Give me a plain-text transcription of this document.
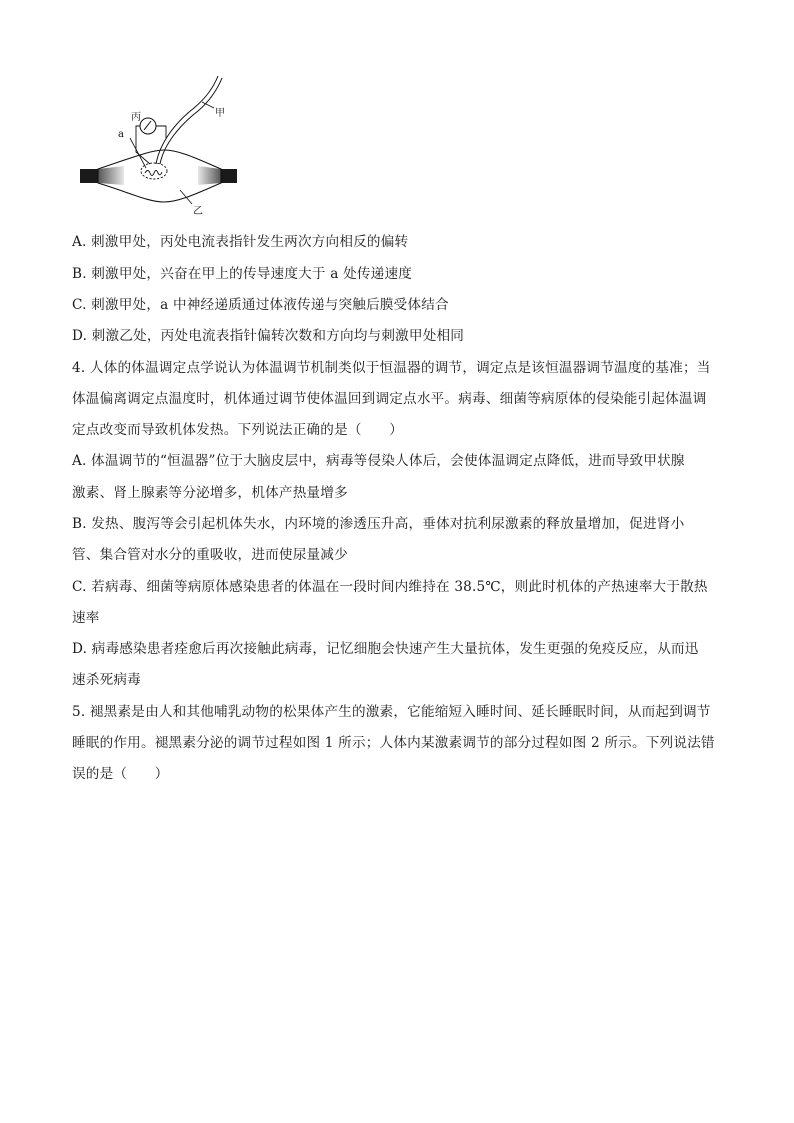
丙	甲
a
乙
A. 刺激甲处，丙处电流表指针发生两次方向相反的偏转
B. 刺激甲处，兴奋在甲上的传导速度大于 a 处传递速度
C. 刺激甲处，a 中神经递质通过体液传递与突触后膜受体结合
D. 刺激乙处，丙处电流表指针偏转次数和方向均与刺激甲处相同
4. 人体的体温调定点学说认为体温调节机制类似于恒温器的调节，调定点是该恒温器调节温度的基准；当
体温偏离调定点温度时，机体通过调节使体温回到调定点水平。病毒、细菌等病原体的侵染能引起体温调
定点改变而导致机体发热。下列说法正确的是（　　）
A. 体温调节的“恒温器”位于大脑皮层中，病毒等侵染人体后，会使体温调定点降低，进而导致甲状腺
激素、肾上腺素等分泌增多，机体产热量增多
B. 发热、腹泻等会引起机体失水，内环境的渗透压升高，垂体对抗利尿激素的释放量增加，促进肾小
管、集合管对水分的重吸收，进而使尿量减少
C. 若病毒、细菌等病原体感染患者的体温在一段时间内维持在 38.5℃，则此时机体的产热速率大于散热
速率
D. 病毒感染患者痊愈后再次接触此病毒，记忆细胞会快速产生大量抗体，发生更强的免疫反应，从而迅
速杀死病毒
5. 褪黑素是由人和其他哺乳动物的松果体产生的激素，它能缩短入睡时间、延长睡眠时间，从而起到调节
睡眠的作用。褪黑素分泌的调节过程如图 1 所示；人体内某激素调节的部分过程如图 2 所示。下列说法错
误的是（　　）
